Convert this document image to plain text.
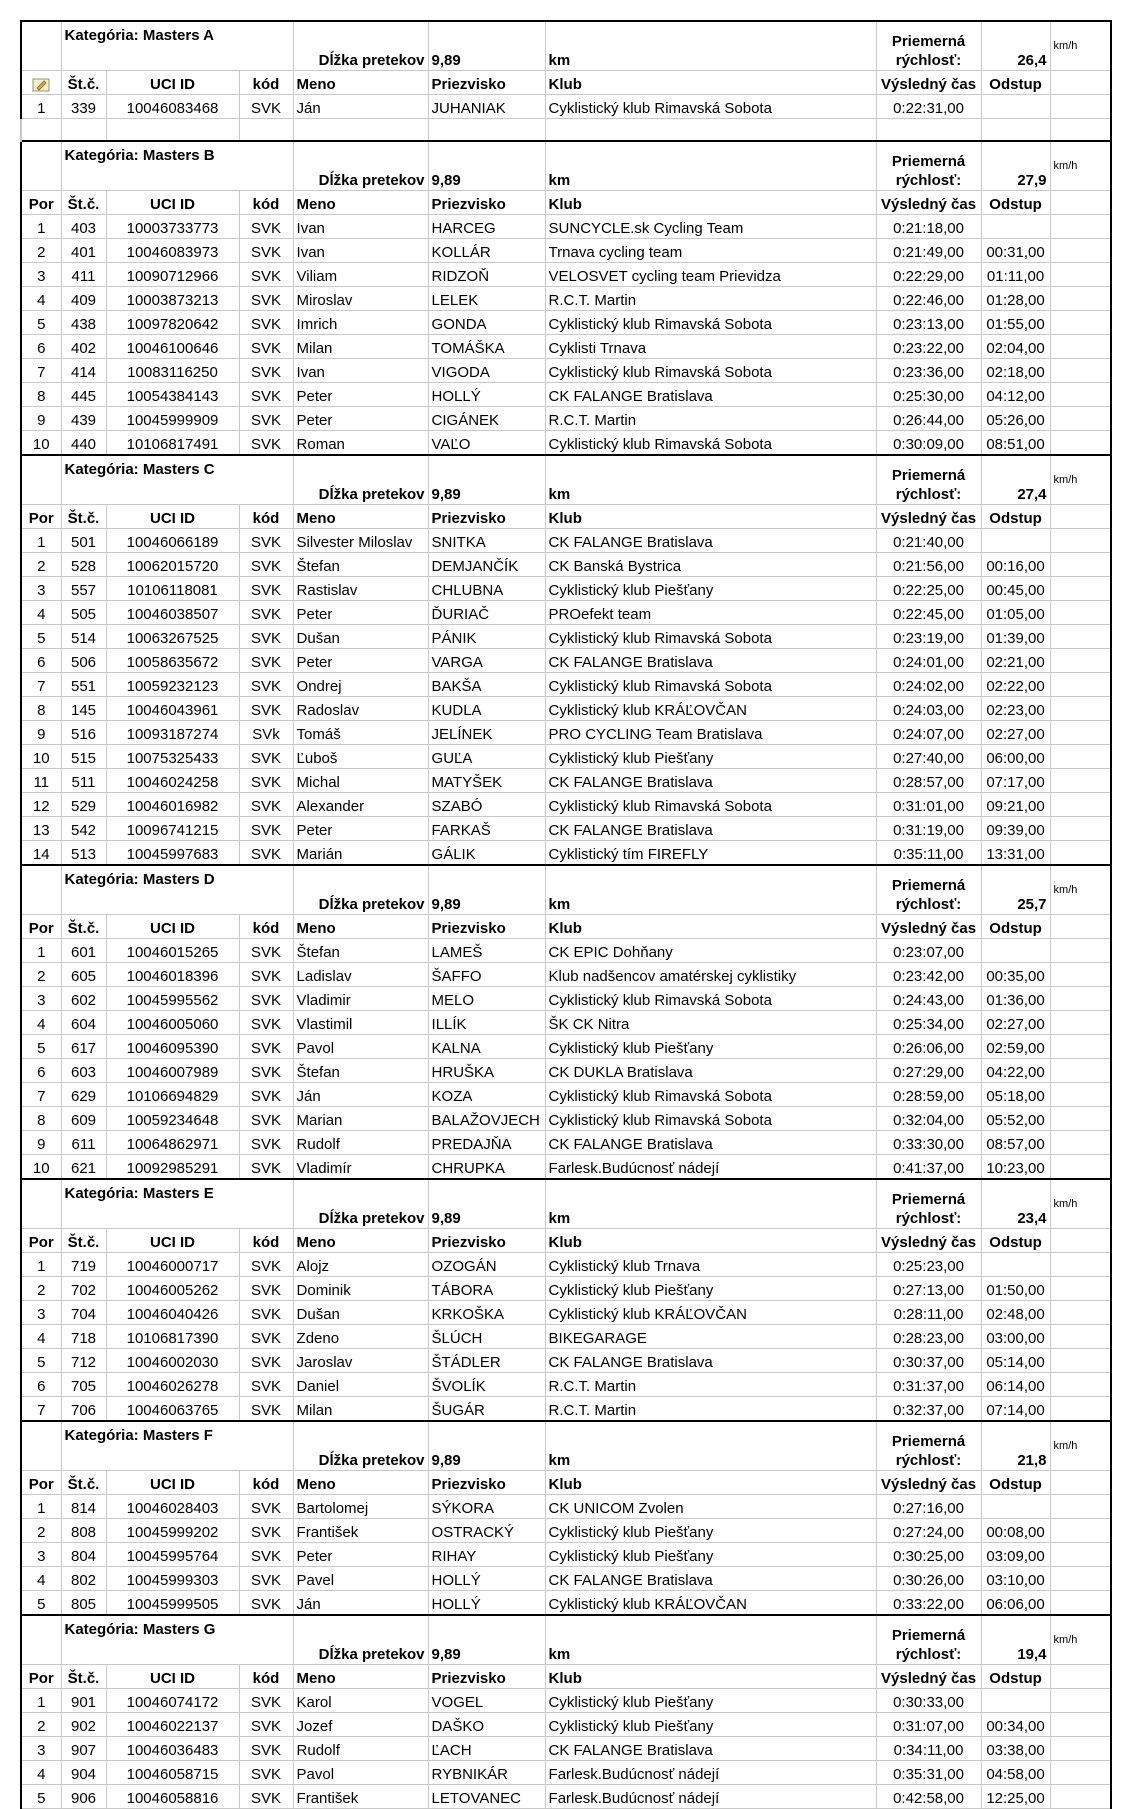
	Kategória: Masters A			Dĺžka pretekov	9,89	km	Priemerná rýchlosť:	26,4	km/h
	Št.č.	UCI ID	kód	Meno	Priezvisko	Klub	Výsledný čas	Odstup	
1	339	10046083468	SVK	Ján	JUHANIAK	Cyklistický klub Rimavská Sobota	0:22:31,00		

	Kategória: Masters B			Dĺžka pretekov	9,89	km	Priemerná rýchlosť:	27,9	km/h
Por	Št.č.	UCI ID	kód	Meno	Priezvisko	Klub	Výsledný čas	Odstup	
1	403	10003733773	SVK	Ivan	HARCEG	SUNCYCLE.sk Cycling Team	0:21:18,00		
2	401	10046083973	SVK	Ivan	KOLLÁR	Trnava cycling team	0:21:49,00	00:31,00	
3	411	10090712966	SVK	Viliam	RIDZOŇ	VELOSVET cycling team Prievidza	0:22:29,00	01:11,00	
4	409	10003873213	SVK	Miroslav	LELEK	R.C.T. Martin	0:22:46,00	01:28,00	
5	438	10097820642	SVK	Imrich	GONDA	Cyklistický klub Rimavská Sobota	0:23:13,00	01:55,00	
6	402	10046100646	SVK	Milan	TOMÁŠKA	Cyklisti Trnava	0:23:22,00	02:04,00	
7	414	10083116250	SVK	Ivan	VIGODA	Cyklistický klub Rimavská Sobota	0:23:36,00	02:18,00	
8	445	10054384143	SVK	Peter	HOLLÝ	CK FALANGE Bratislava	0:25:30,00	04:12,00	
9	439	10045999909	SVK	Peter	CIGÁNEK	R.C.T. Martin	0:26:44,00	05:26,00	
10	440	10106817491	SVK	Roman	VAĽO	Cyklistický klub Rimavská Sobota	0:30:09,00	08:51,00	
	Kategória: Masters C			Dĺžka pretekov	9,89	km	Priemerná rýchlosť:	27,4	km/h
Por	Št.č.	UCI ID	kód	Meno	Priezvisko	Klub	Výsledný čas	Odstup	
1	501	10046066189	SVK	Silvester Miloslav	SNITKA	CK FALANGE Bratislava	0:21:40,00		
2	528	10062015720	SVK	Štefan	DEMJANČÍK	CK Banská Bystrica	0:21:56,00	00:16,00	
3	557	10106118081	SVK	Rastislav	CHLUBNA	Cyklistický klub Piešťany	0:22:25,00	00:45,00	
4	505	10046038507	SVK	Peter	ĎURIAČ	PROefekt team	0:22:45,00	01:05,00	
5	514	10063267525	SVK	Dušan	PÁNIK	Cyklistický klub Rimavská Sobota	0:23:19,00	01:39,00	
6	506	10058635672	SVK	Peter	VARGA	CK FALANGE Bratislava	0:24:01,00	02:21,00	
7	551	10059232123	SVK	Ondrej	BAKŠA	Cyklistický klub Rimavská Sobota	0:24:02,00	02:22,00	
8	145	10046043961	SVK	Radoslav	KUDLA	Cyklistický klub KRÁĽOVČAN	0:24:03,00	02:23,00	
9	516	10093187274	SVk	Tomáš	JELÍNEK	PRO CYCLING Team Bratislava	0:24:07,00	02:27,00	
10	515	10075325433	SVK	Ľuboš	GUĽA	Cyklistický klub Piešťany	0:27:40,00	06:00,00	
11	511	10046024258	SVK	Michal	MATYŠEK	CK FALANGE Bratislava	0:28:57,00	07:17,00	
12	529	10046016982	SVK	Alexander	SZABÓ	Cyklistický klub Rimavská Sobota	0:31:01,00	09:21,00	
13	542	10096741215	SVK	Peter	FARKAŠ	CK FALANGE Bratislava	0:31:19,00	09:39,00	
14	513	10045997683	SVK	Marián	GÁLIK	Cyklistický tím FIREFLY	0:35:11,00	13:31,00	
	Kategória: Masters D			Dĺžka pretekov	9,89	km	Priemerná rýchlosť:	25,7	km/h
Por	Št.č.	UCI ID	kód	Meno	Priezvisko	Klub	Výsledný čas	Odstup	
1	601	10046015265	SVK	Štefan	LAMEŠ	CK EPIC Dohňany	0:23:07,00		
2	605	10046018396	SVK	Ladislav	ŠAFFO	Klub nadšencov amatérskej cyklistiky	0:23:42,00	00:35,00	
3	602	10045995562	SVK	Vladimir	MELO	Cyklistický klub Rimavská Sobota	0:24:43,00	01:36,00	
4	604	10046005060	SVK	Vlastimil	ILLÍK	ŠK CK Nitra	0:25:34,00	02:27,00	
5	617	10046095390	SVK	Pavol	KALNA	Cyklistický klub Piešťany	0:26:06,00	02:59,00	
6	603	10046007989	SVK	Štefan	HRUŠKA	CK DUKLA Bratislava	0:27:29,00	04:22,00	
7	629	10106694829	SVK	Ján	KOZA	Cyklistický klub Rimavská Sobota	0:28:59,00	05:18,00	
8	609	10059234648	SVK	Marian	BALAŽOVJECH	Cyklistický klub Rimavská Sobota	0:32:04,00	05:52,00	
9	611	10064862971	SVK	Rudolf	PREDAJŇA	CK FALANGE Bratislava	0:33:30,00	08:57,00	
10	621	10092985291	SVK	Vladimír	CHRUPKA	Farlesk.Budúcnosť nádejí	0:41:37,00	10:23,00	
	Kategória: Masters E			Dĺžka pretekov	9,89	km	Priemerná rýchlosť:	23,4	km/h
Por	Št.č.	UCI ID	kód	Meno	Priezvisko	Klub	Výsledný čas	Odstup	
1	719	10046000717	SVK	Alojz	OZOGÁN	Cyklistický klub Trnava	0:25:23,00		
2	702	10046005262	SVK	Dominik	TÁBORA	Cyklistický klub Piešťany	0:27:13,00	01:50,00	
3	704	10046040426	SVK	Dušan	KRKOŠKA	Cyklistický klub KRÁĽOVČAN	0:28:11,00	02:48,00	
4	718	10106817390	SVK	Zdeno	ŠLÚCH	BIKEGARAGE	0:28:23,00	03:00,00	
5	712	10046002030	SVK	Jaroslav	ŠTÁDLER	CK FALANGE Bratislava	0:30:37,00	05:14,00	
6	705	10046026278	SVK	Daniel	ŠVOLÍK	R.C.T. Martin	0:31:37,00	06:14,00	
7	706	10046063765	SVK	Milan	ŠUGÁR	R.C.T. Martin	0:32:37,00	07:14,00	
	Kategória: Masters F			Dĺžka pretekov	9,89	km	Priemerná rýchlosť:	21,8	km/h
Por	Št.č.	UCI ID	kód	Meno	Priezvisko	Klub	Výsledný čas	Odstup	
1	814	10046028403	SVK	Bartolomej	SÝKORA	CK UNICOM Zvolen	0:27:16,00		
2	808	10045999202	SVK	František	OSTRACKÝ	Cyklistický klub Piešťany	0:27:24,00	00:08,00	
3	804	10045995764	SVK	Peter	RIHAY	Cyklistický klub Piešťany	0:30:25,00	03:09,00	
4	802	10045999303	SVK	Pavel	HOLLÝ	CK FALANGE Bratislava	0:30:26,00	03:10,00	
5	805	10045999505	SVK	Ján	HOLLÝ	Cyklistický klub KRÁĽOVČAN	0:33:22,00	06:06,00	
	Kategória: Masters G			Dĺžka pretekov	9,89	km	Priemerná rýchlosť:	19,4	km/h
Por	Št.č.	UCI ID	kód	Meno	Priezvisko	Klub	Výsledný čas	Odstup	
1	901	10046074172	SVK	Karol	VOGEL	Cyklistický klub Piešťany	0:30:33,00		
2	902	10046022137	SVK	Jozef	DAŠKO	Cyklistický klub Piešťany	0:31:07,00	00:34,00	
3	907	10046036483	SVK	Rudolf	ĽACH	CK FALANGE Bratislava	0:34:11,00	03:38,00	
4	904	10046058715	SVK	Pavol	RYBNIKÁR	Farlesk.Budúcnosť nádejí	0:35:31,00	04:58,00	
5	906	10046058816	SVK	František	LETOVANEC	Farlesk.Budúcnosť nádejí	0:42:58,00	12:25,00	
